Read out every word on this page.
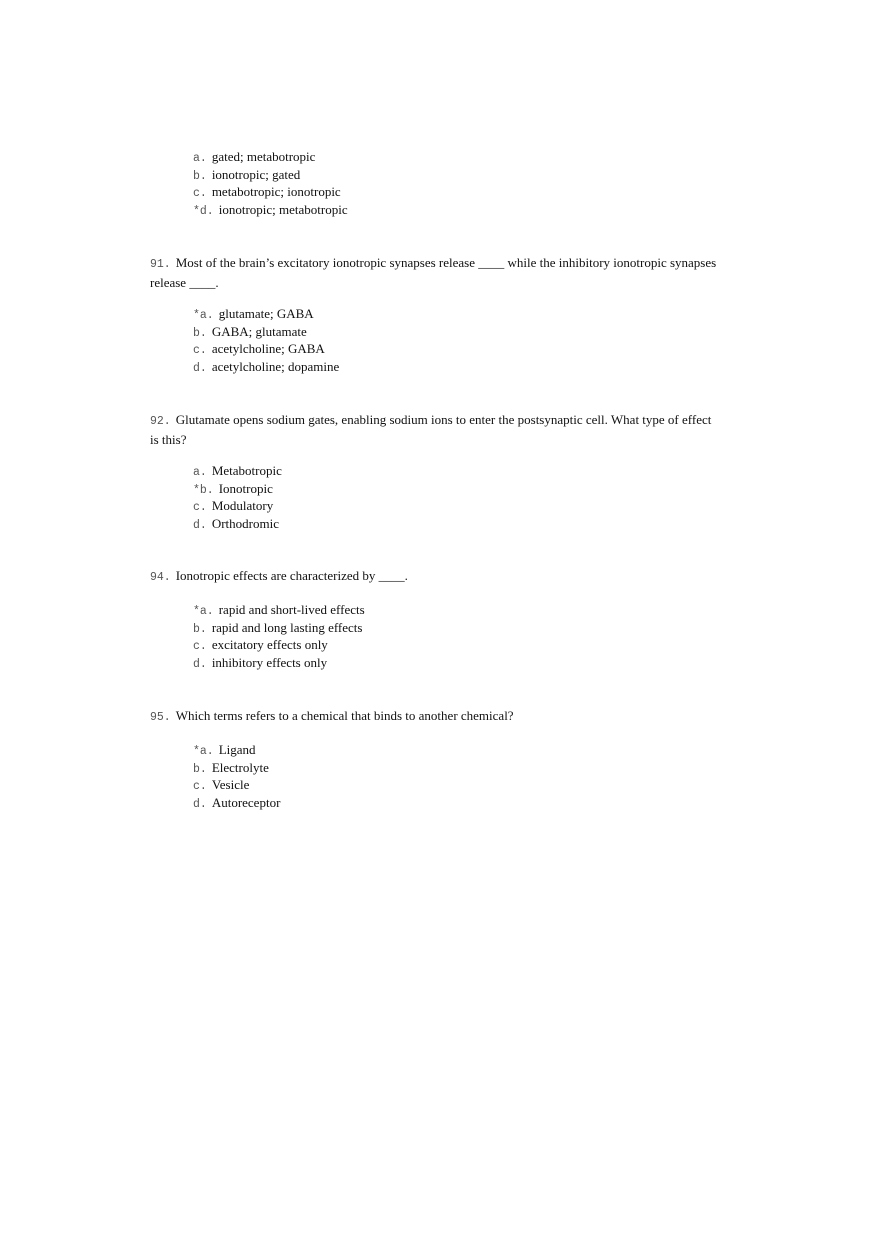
a. gated; metabotropic
b. ionotropic; gated
c. metabotropic; ionotropic
*d. ionotropic; metabotropic
91. Most of the brain’s excitatory ionotropic synapses release ____ while the inhibitory ionotropic synapses release ____.
*a. glutamate; GABA
b. GABA; glutamate
c. acetylcholine; GABA
d. acetylcholine; dopamine
92. Glutamate opens sodium gates, enabling sodium ions to enter the postsynaptic cell. What type of effect is this?
a. Metabotropic
*b. Ionotropic
c. Modulatory
d. Orthodromic
94. Ionotropic effects are characterized by ____.
*a. rapid and short-lived effects
b. rapid and long lasting effects
c. excitatory effects only
d. inhibitory effects only
95. Which terms refers to a chemical that binds to another chemical?
*a. Ligand
b. Electrolyte
c. Vesicle
d. Autoreceptor
